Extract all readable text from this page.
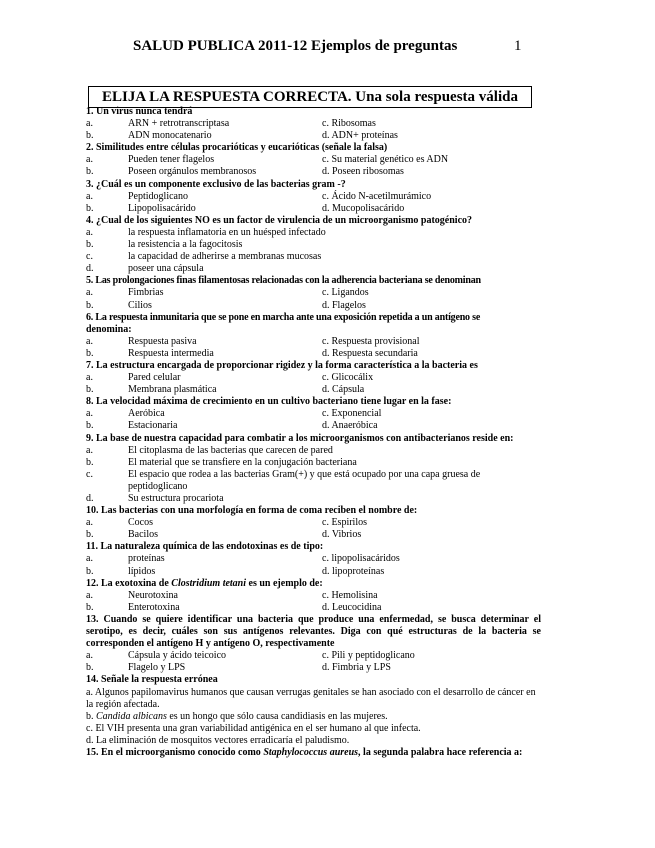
SALUD PUBLICA 2011-12 Ejemplos de preguntas	1
ELIJA LA RESPUESTA CORRECTA. Una sola respuesta válida
1. Un virus nunca tendrá
a.	ARN + retrotranscriptasa	c. Ribosomas
b.	ADN monocatenario	d. ADN+ proteínas
2. Similitudes entre células procarióticas y eucarióticas (señale la falsa)
a.	Pueden tener flagelos	c. Su material genético es ADN
b.	Poseen orgánulos membranosos	d. Poseen ribosomas
3. ¿Cuál es un componente exclusivo de las bacterias gram -?
a.	Peptidoglicano	c. Ácido N-acetilmurámico
b.	Lipopolisacárido	d. Mucopolisacárido
4. ¿Cual de los siguientes NO es un factor de virulencia de un microorganismo patogénico?
a.	la respuesta inflamatoria en un huésped infectado
b.	la resistencia a la fagocitosis
c.	la capacidad de adherirse a membranas mucosas
d.	poseer una cápsula
5. Las prolongaciones finas filamentosas relacionadas con la adherencia bacteriana se denominan
a.	Fimbrias	c. Ligandos
b.	Cilios	d. Flagelos
6. La respuesta inmunitaria que se pone en marcha ante una exposición repetida a un antígeno se
denomina:
a.	Respuesta pasiva	c. Respuesta provisional
b.	Respuesta intermedia	d. Respuesta secundaria
7. La estructura encargada de proporcionar rigidez y la forma característica a la bacteria es
a.	Pared celular	c. Glicocálix
b.	Membrana plasmática	d. Cápsula
8. La velocidad máxima de crecimiento en un cultivo bacteriano tiene lugar en la fase:
a.	Aeróbica	c. Exponencial
b.	Estacionaria	d. Anaeróbica
9. La base de nuestra capacidad para combatir a los microorganismos con antibacterianos reside en:
a.	El citoplasma de las bacterias que carecen de pared
b.	El material que se transfiere en la conjugación bacteriana
c.	El espacio que rodea a las bacterias Gram(+) y que está ocupado por una capa gruesa de
peptidoglicano
d.	Su estructura procariota
10. Las bacterias con una morfología en forma de coma reciben el nombre de:
a.	Cocos	c. Espirilos
b.	Bacilos	d. Vibrios
11. La naturaleza química de las endotoxinas es de tipo:
a.	proteínas	c. lipopolisacáridos
b.	lípidos	d. lipoproteínas
12. La exotoxina de Clostridium tetani es un ejemplo de:
a.	Neurotoxina	c. Hemolisina
b.	Enterotoxina	d. Leucocidina
13. Cuando se quiere identificar una bacteria que produce una enfermedad, se busca determinar el serotipo, es decir, cuáles son sus antígenos relevantes. Diga con qué estructuras de la bacteria se corresponden el antígeno H y antígeno O, respectivamente
a.	Cápsula y ácido teicoico	c. Pili y peptidoglicano
b.	Flagelo y LPS	d. Fimbria y LPS
14. Señale la respuesta errónea
a. Algunos papilomavirus humanos que causan verrugas genitales se han asociado con el desarrollo de cáncer en la región afectada.
b. Candida albicans es un hongo que sólo causa candidiasis en las mujeres.
c. El VIH presenta una gran variabilidad antigénica en el ser humano al que infecta.
d. La eliminación de mosquitos vectores erradicaría el paludismo.
15. En el microorganismo conocido como Staphylococcus aureus, la segunda palabra hace referencia a:
